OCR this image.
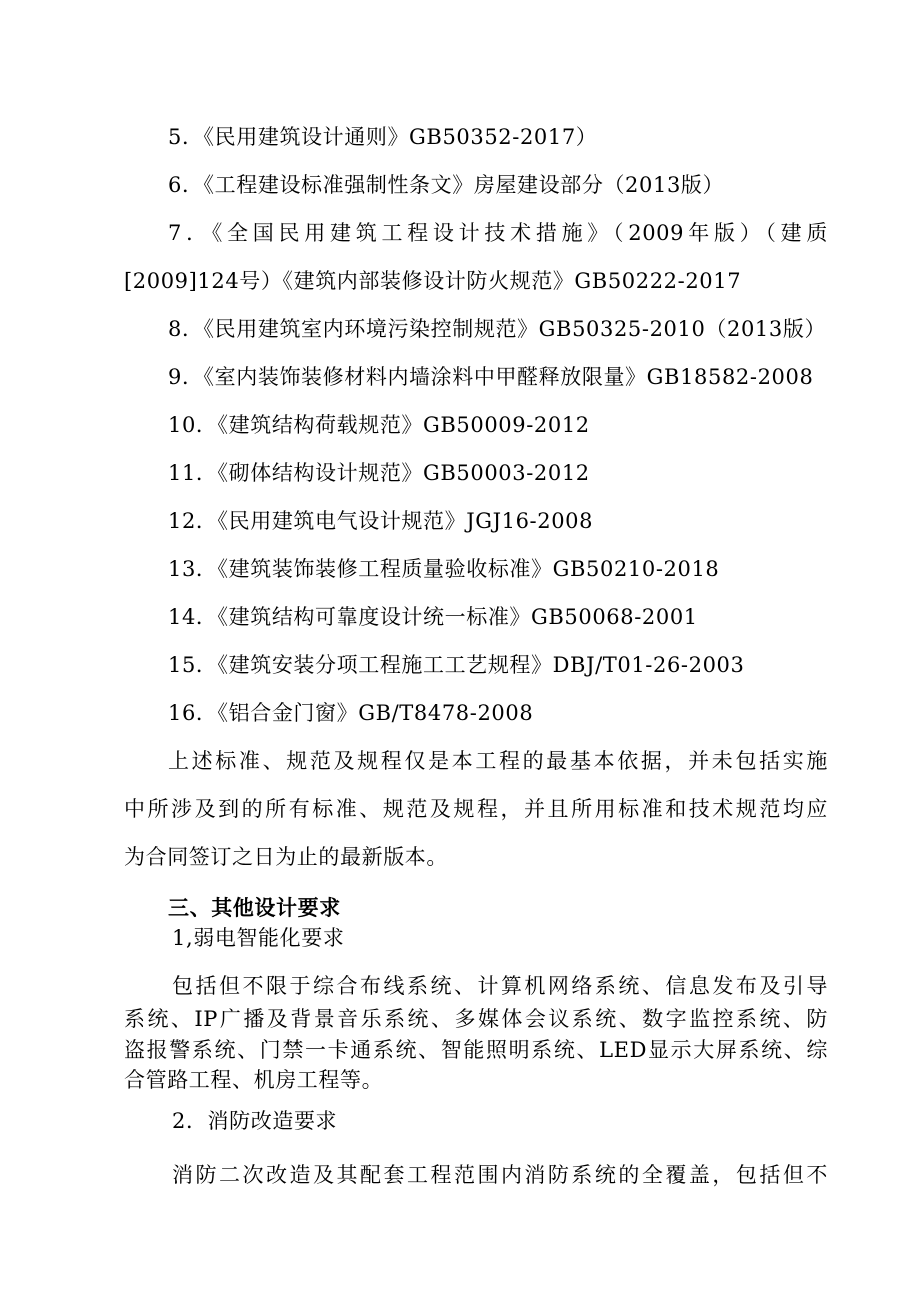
5．《民用建筑设计通则》GB50352-2017）
6．《工程建设标准强制性条文》房屋建设部分（2013版）
7．《全国民用建筑工程设计技术措施》（2009年版）（建质
[2009]124号）《建筑内部装修设计防火规范》GB50222-2017
8．《民用建筑室内环境污染控制规范》GB50325-2010（2013版）
9．《室内装饰装修材料内墙涂料中甲醛释放限量》GB18582-2008
10．《建筑结构荷载规范》GB50009-2012
11．《砌体结构设计规范》GB50003-2012
12．《民用建筑电气设计规范》JGJ16-2008
13．《建筑装饰装修工程质量验收标准》GB50210-2018
14．《建筑结构可靠度设计统一标准》GB50068-2001
15．《建筑安装分项工程施工工艺规程》DBJ/T01-26-2003
16．《铝合金门窗》GB/T8478-2008
上述标准、规范及规程仅是本工程的最基本依据，并未包括实施
中所涉及到的所有标准、规范及规程，并且所用标准和技术规范均应
为合同签订之日为止的最新版本。
三、其他设计要求
1,弱电智能化要求
包括但不限于综合布线系统、计算机网络系统、信息发布及引导
系统、IP广播及背景音乐系统、多媒体会议系统、数字监控系统、防
盗报警系统、门禁一卡通系统、智能照明系统、LED显示大屏系统、综
合管路工程、机房工程等。
2．消防改造要求
消防二次改造及其配套工程范围内消防系统的全覆盖，包括但不
